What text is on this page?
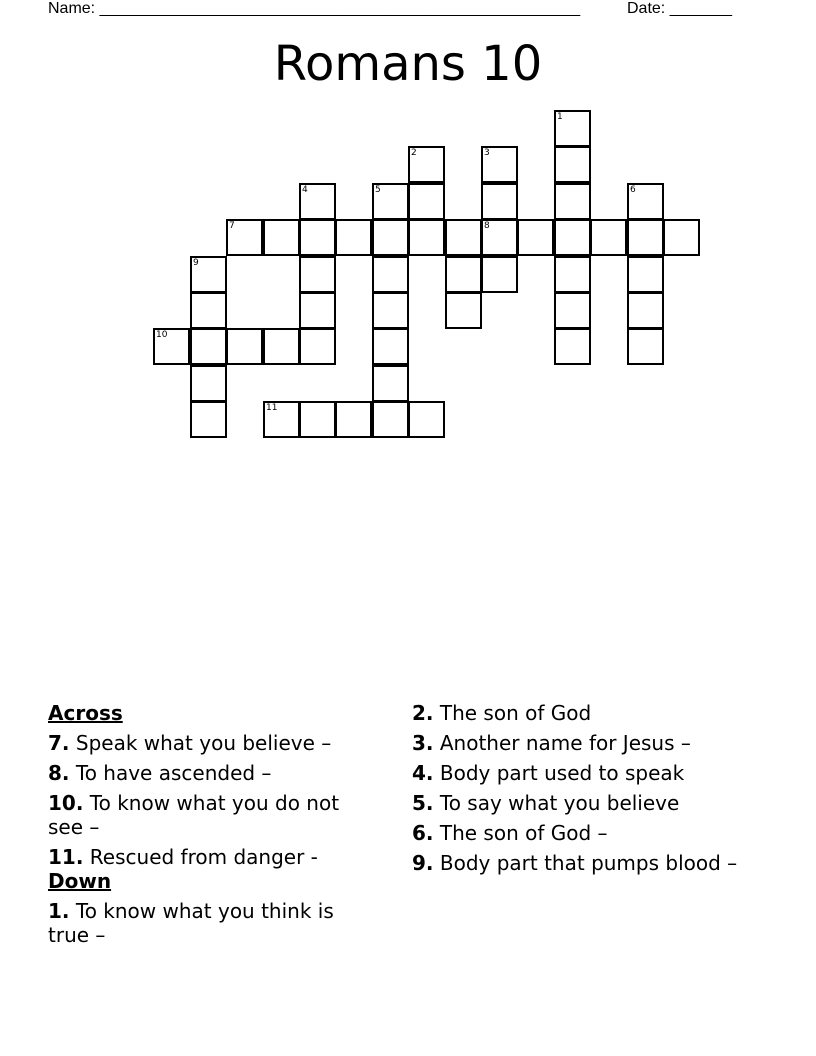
Name: ______________________________________________________	Date: _______
Romans 10
1
2	3
4	5	6
7	8
9
10
11
Across
7. Speak what you believe –
8. To have ascended –
10. To know what you do not see –
11. Rescued from danger -
Down
1. To know what you think is true –
2. The son of God
3. Another name for Jesus –
4. Body part used to speak
5. To say what you believe
6. The son of God –
9. Body part that pumps blood –
